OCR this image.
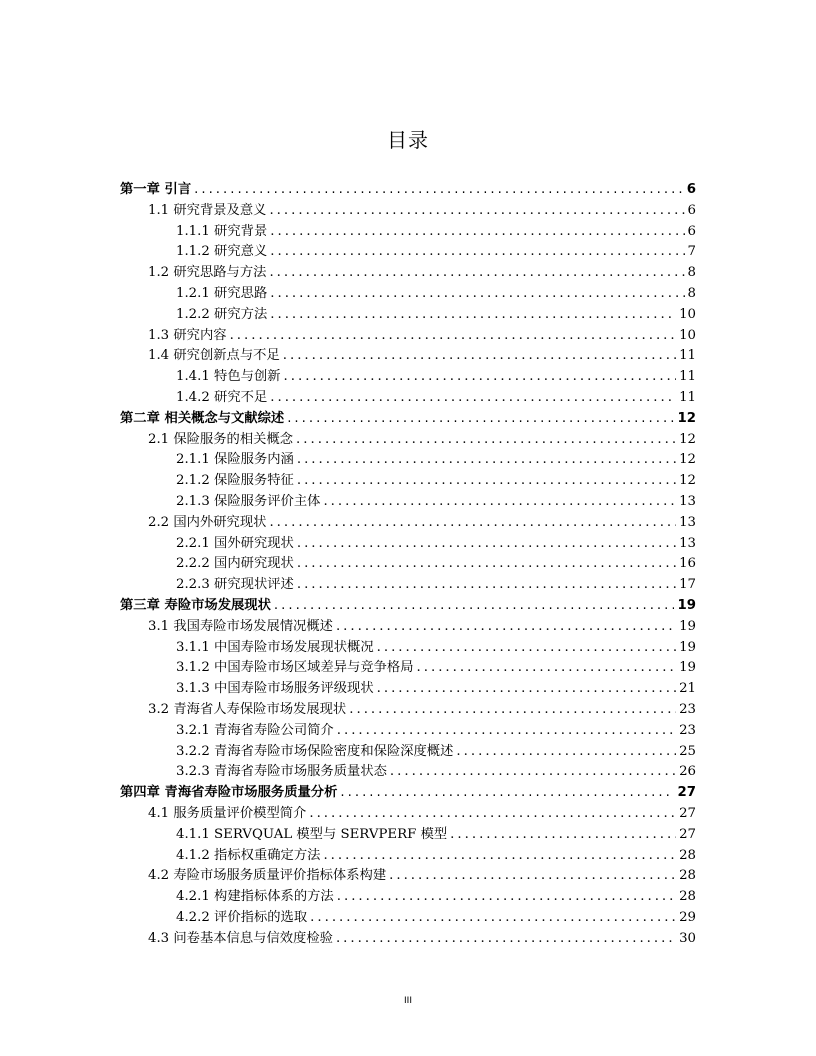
目录
第一章 引言 .....	6
1.1 研究背景及意义 .....	6
1.1.1 研究背景 .....	6
1.1.2 研究意义 .....	7
1.2 研究思路与方法 .....	8
1.2.1 研究思路 .....	8
1.2.2 研究方法 .....	10
1.3 研究内容 .....	10
1.4 研究创新点与不足 .....	11
1.4.1 特色与创新 .....	11
1.4.2 研究不足 .....	11
第二章 相关概念与文献综述 .....	12
2.1 保险服务的相关概念 .....	12
2.1.1 保险服务内涵 .....	12
2.1.2 保险服务特征 .....	12
2.1.3 保险服务评价主体 .....	13
2.2 国内外研究现状 .....	13
2.2.1 国外研究现状 .....	13
2.2.2 国内研究现状 .....	16
2.2.3 研究现状评述 .....	17
第三章 寿险市场发展现状 .....	19
3.1 我国寿险市场发展情况概述 .....	19
3.1.1 中国寿险市场发展现状概况 .....	19
3.1.2 中国寿险市场区域差异与竞争格局 .....	19
3.1.3 中国寿险市场服务评级现状 .....	21
3.2 青海省人寿保险市场发展现状 .....	23
3.2.1 青海省寿险公司简介 .....	23
3.2.2 青海省寿险市场保险密度和保险深度概述 .....	25
3.2.3 青海省寿险市场服务质量状态 .....	26
第四章 青海省寿险市场服务质量分析 .....	27
4.1 服务质量评价模型简介 .....	27
4.1.1 SERVQUAL 模型与 SERVPERF 模型 .....	27
4.1.2 指标权重确定方法 .....	28
4.2 寿险市场服务质量评价指标体系构建 .....	28
4.2.1 构建指标体系的方法 .....	28
4.2.2 评价指标的选取 .....	29
4.3 问卷基本信息与信效度检验 .....	30
III
